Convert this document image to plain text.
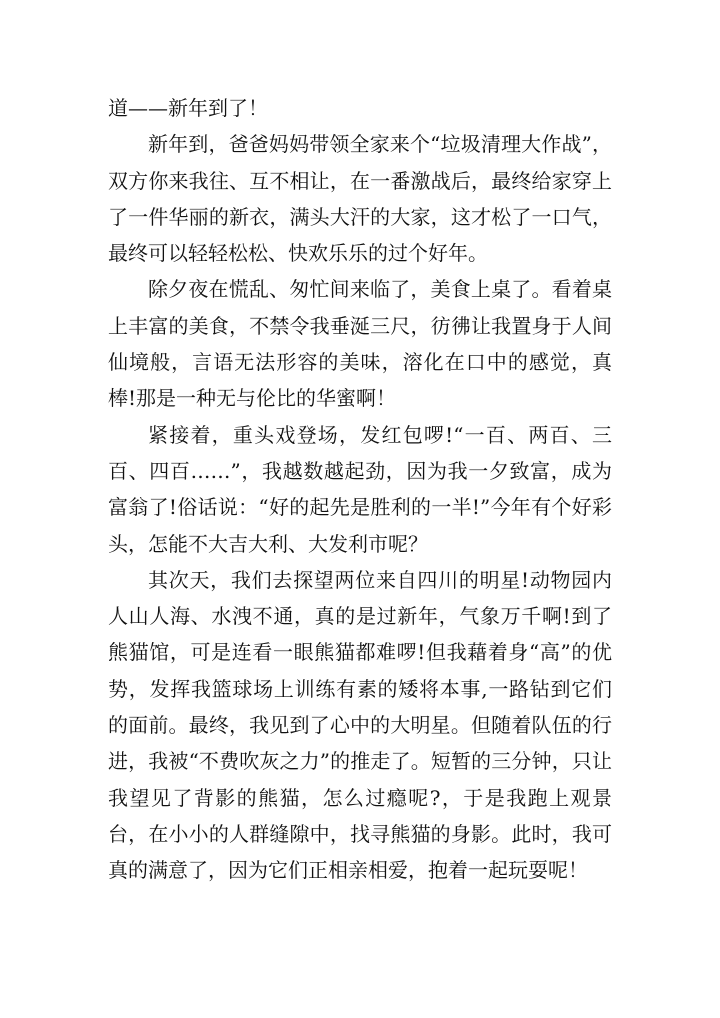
道——新年到了！

新年到，爸爸妈妈带领全家来个“垃圾清理大作战”，双方你来我往、互不相让，在一番激战后，最终给家穿上了一件华丽的新衣，满头大汗的大家，这才松了一口气，最终可以轻轻松松、快欢乐乐的过个好年。

除夕夜在慌乱、匆忙间来临了，美食上桌了。看着桌上丰富的美食，不禁令我垂涎三尺，彷彿让我置身于人间仙境般，言语无法形容的美味，溶化在口中的感觉，真棒!那是一种无与伦比的华蜜啊！

紧接着，重头戏登场，发红包啰!“一百、两百、三百、四百……”，我越数越起劲，因为我一夕致富，成为富翁了!俗话说：“好的起先是胜利的一半!”今年有个好彩头，怎能不大吉大利、大发利市呢？

其次天，我们去探望两位来自四川的明星!动物园内人山人海、水洩不通，真的是过新年，气象万千啊!到了熊猫馆，可是连看一眼熊猫都难啰!但我藉着身“高”的优势，发挥我篮球场上训练有素的矮将本事,一路钻到它们的面前。最终，我见到了心中的大明星。但随着队伍的行进，我被“不费吹灰之力”的推走了。短暂的三分钟，只让我望见了背影的熊猫，怎么过瘾呢?，于是我跑上观景台，在小小的人群缝隙中，找寻熊猫的身影。此时，我可真的满意了，因为它们正相亲相爱，抱着一起玩耍呢！
